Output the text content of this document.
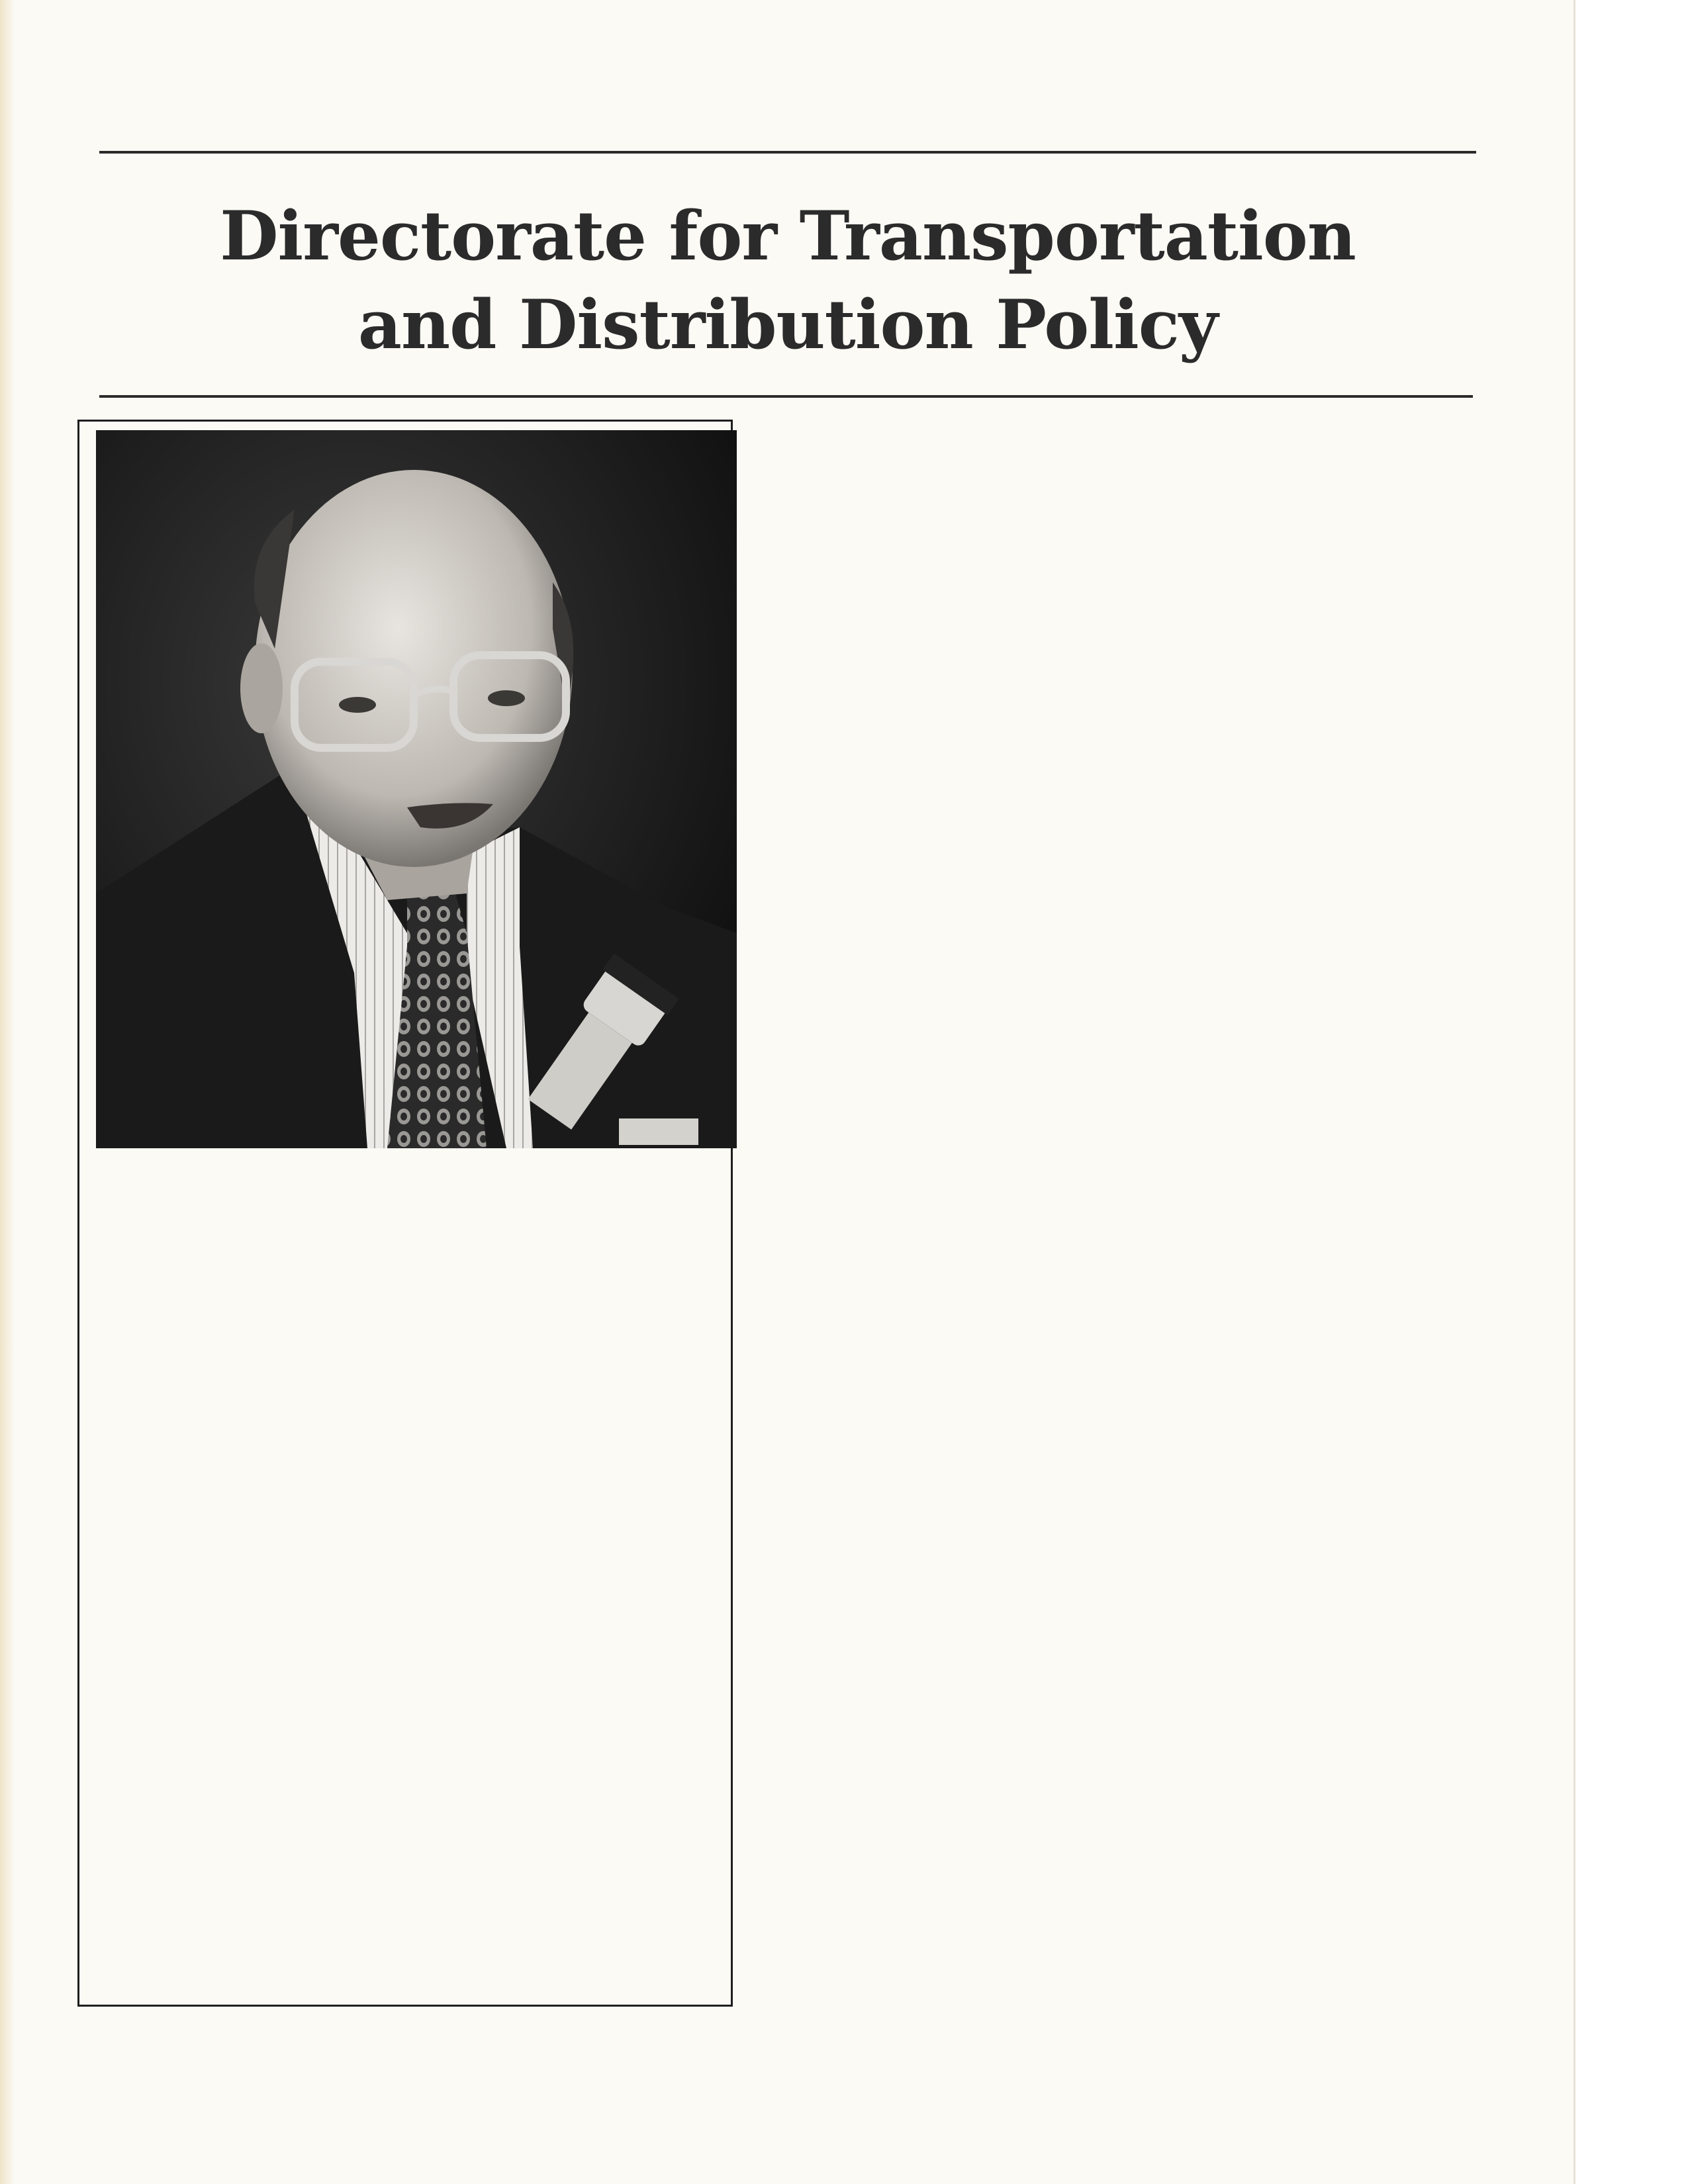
Directorate for Transportation
and Distribution Policy
